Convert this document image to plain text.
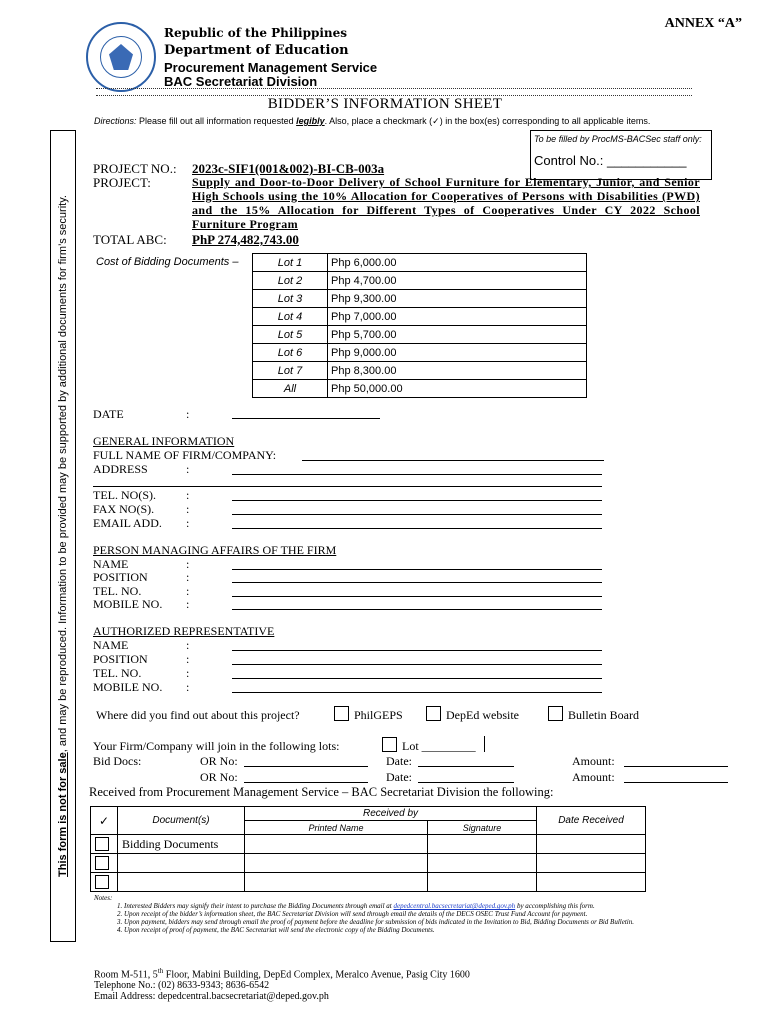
ANNEX “A”
Republic of the Philippines
Department of Education
Procurement Management Service
BAC Secretariat Division
BIDDER’S INFORMATION SHEET
Directions: Please fill out all information requested legibly. Also, place a checkmark (✓) in the box(es) corresponding to all applicable items.
This form is not for sale, and may be reproduced. Information to be provided may be supported by additional documents for firm’s security.
To be filled by ProcMS-BACSec staff only:
Control No.: ___________
PROJECT NO.: 2023c-SIF1(001&002)-BI-CB-003a
PROJECT:	Supply and Door-to-Door Delivery of School Furniture for Elementary, Junior, and Senior High Schools using the 10% Allocation for Cooperatives of Persons with Disabilities (PWD) and the 15% Allocation for Different Types of Cooperatives Under CY 2022 School Furniture Program
TOTAL ABC: PhP 274,482,743.00
Cost of Bidding Documents –	Lot 1	Php 6,000.00
Lot 2	Php 4,700.00
Lot 3	Php 9,300.00
Lot 4	Php 7,000.00
Lot 5	Php 5,700.00
Lot 6	Php 9,000.00
Lot 7	Php 8,300.00
All	Php 50,000.00
DATE	:
GENERAL INFORMATION
FULL NAME OF FIRM/COMPANY:
ADDRESS	:
TEL. NO(S).	:
FAX NO(S).	:
EMAIL ADD. :
PERSON MANAGING AFFAIRS OF THE FIRM
NAME	:
POSITION	:
TEL. NO.	:
MOBILE NO. :
AUTHORIZED REPRESENTATIVE
NAME	:
POSITION	:
TEL. NO.	:
MOBILE NO. :
Where did you find out about this project?	PhilGEPS	DepEd website	Bulletin Board
Your Firm/Company will join in the following lots:	Lot _________
Bid Docs:	OR No:	Date:	Amount:
OR No:	Date:	Amount:
Received from Procurement Management Service – BAC Secretariat Division the following:
✓	Document(s)	Received by		Date Received
		Printed Name	Signature	

	Bidding Documents			

Notes:
1. Interested Bidders may signify their intent to purchase the Bidding Documents through email at depedcentral.bacsecretariat@deped.gov.ph by accomplishing this form.
2. Upon receipt of the bidder’s information sheet, the BAC Secretariat Division will send through email the details of the DECS OSEC Trust Fund Account for payment.
3. Upon payment, bidders may send through email the proof of payment before the deadline for submission of bids indicated in the Invitation to Bid, Bidding Documents or Bid Bulletin.
4. Upon receipt of proof of payment, the BAC Secretariat will send the electronic copy of the Bidding Documents.
Room M-511, 5th Floor, Mabini Building, DepEd Complex, Meralco Avenue, Pasig City 1600
Telephone No.: (02) 8633-9343; 8636-6542
Email Address: depedcentral.bacsecretariat@deped.gov.ph
